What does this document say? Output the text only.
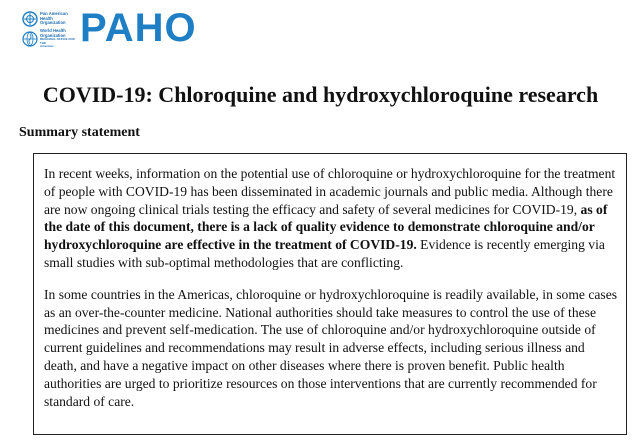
Pan American
Health
Organization
World Health
Organization
REGIONAL OFFICE FOR THE
Americas PAHO
COVID-19: Chloroquine and hydroxychloroquine research
Summary statement

In recent weeks, information on the potential use of chloroquine or hydroxychloroquine for the treatment of people with COVID-19 has been disseminated in academic journals and public media. Although there are now ongoing clinical trials testing the efficacy and safety of several medicines for COVID-19, as of the date of this document, there is a lack of quality evidence to demonstrate chloroquine and/or hydroxychloroquine are effective in the treatment of COVID-19. Evidence is recently emerging via small studies with sub-optimal methodologies that are conflicting.

In some countries in the Americas, chloroquine or hydroxychloroquine is readily available, in some cases as an over-the-counter medicine. National authorities should take measures to control the use of these medicines and prevent self-medication. The use of chloroquine and/or hydroxychloroquine outside of current guidelines and recommendations may result in adverse effects, including serious illness and death, and have a negative impact on other diseases where there is proven benefit. Public health authorities are urged to prioritize resources on those interventions that are currently recommended for standard of care.
